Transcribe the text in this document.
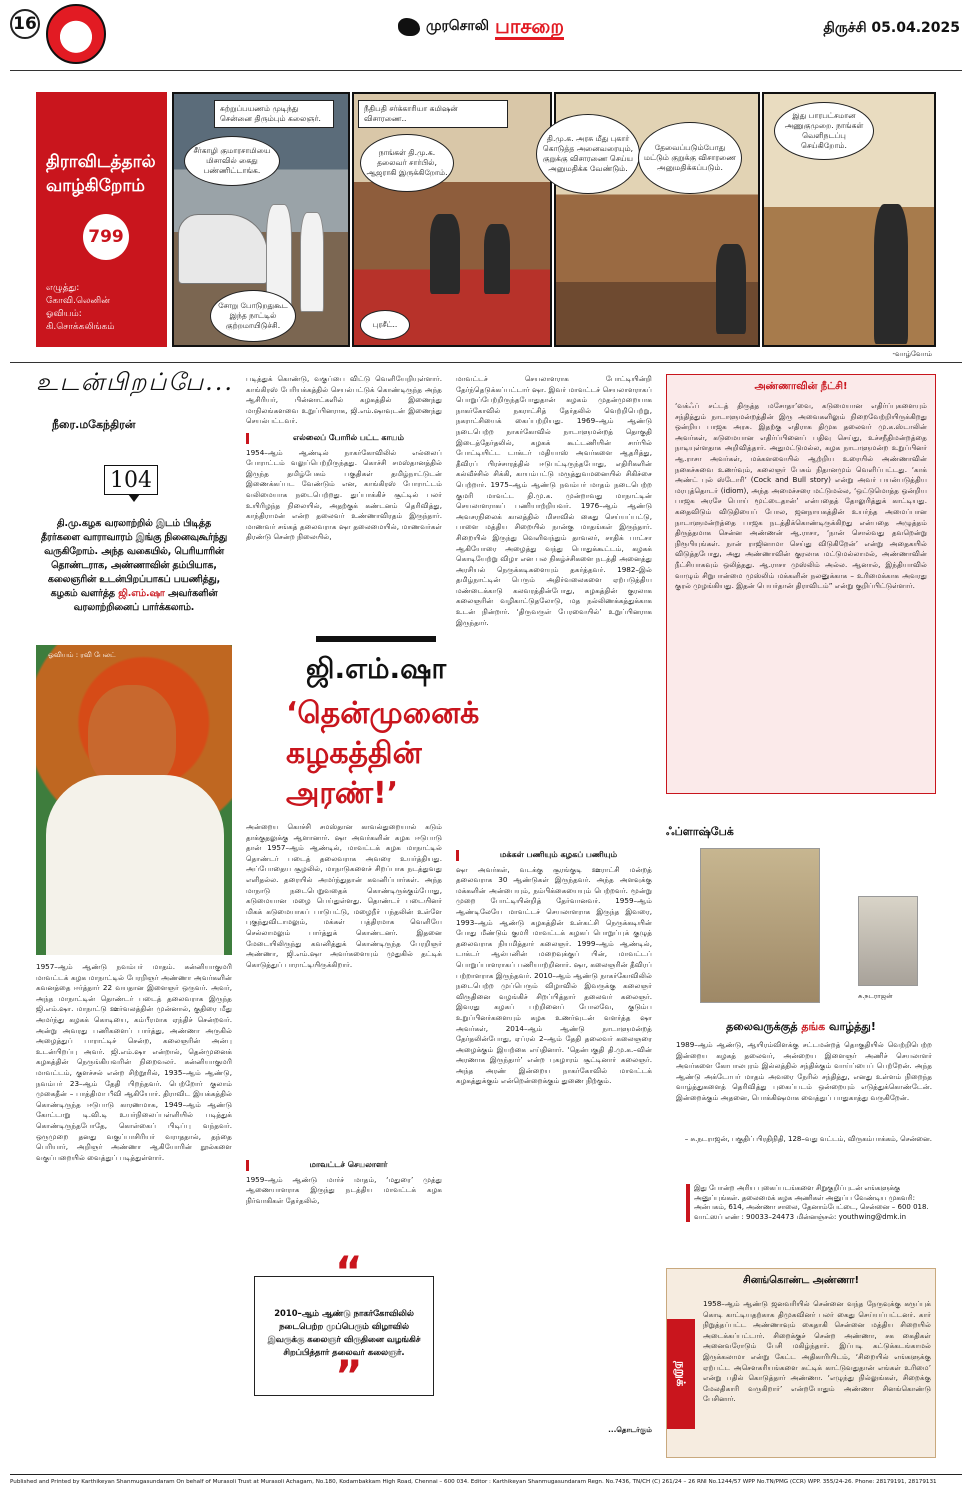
16	முரசொலி பாசறை	திருச்சி 05.04.2025
திராவிடத்தால் வாழ்கிறோம்
799
எழுத்து:
கோவி.லெனின்
ஓவியம்:
கி.சொக்கலிங்கம்
சுற்றுப்பயணம் முடிந்து சென்னை திரும்பும் கலைஞர்.
சீர்காழி குமாரசாமியை மிசாவில் கைது பண்ணிட்டாங்க.
சோறு போடுறதுகூட இந்த நாட்டில் குற்றமாயிடுச்சி.
நீதிபதி சர்க்காரியா கமிஷன் விசாரணை..
நாங்கள் தி.மு.க. தலைவர் சார்பில், ஆஜராகி இருக்கிறோம்.
புரசீட்..
தி.மு.க. அரசு மீது புகார் கொடுத்த அனைவரையும், குறுக்கு விசாரணை செய்ய அனுமதிக்க வேண்டும்.
தேவைப்படும்போது மட்டும் குறுக்கு விசாரணை அனுமதிக்கப்படும்.
இது பாரபட்சமான அணுகுமுறை. நாங்கள் வெளிநடப்பு செய்கிறோம்.
-வாழ்வோம்
உடன்பிறப்பே...
நீரை.மகேந்திரன்
104
தி.மு.கழக வரலாற்றில் இடம் பிடித்த தீரர்களை வாராவாரம் இங்கு நினைவுகூர்ந்து வருகிறோம். அந்த வகையில், பெரியாரின் தொண்டராக, அண்ணாவின் தம்பியாக, கலைஞரின் உடன்பிறப்பாகப் பயணித்து, கழகம் வளர்த்த ஜி.எம்.ஷா அவர்களின் வரலாற்றினைப் பார்க்கலாம்.
ஓவியம் : ரவி பேலட்
1957–ஆம் ஆண்டு நவம்பர் மாதம். கன்னியாகுமரி மாவட்டக் கழக மாநாட்டில் பேரறிஞர் அண்ணா அவர்களின் கவனத்தை ஈர்த்தார் 22 வயதான இளைஞர் ஒருவர். அவர், அந்த மாநாட்டின் தொண்டர் படைத் தலைவராக இருந்த ஜி.எம்.ஷா. மாநாட்டு ஊர்வலத்தின் முன்னால், குதிரை மீது அமர்ந்து கழகக் கொடியை, கம்பீரமாக ஏந்திச் சென்றவர். அன்று அவரது பணிகளைப் பார்த்து, அண்ணா அருகில் அழைத்துப் பாராட்டிச் சென்ற, கலைஞரின் அன்பு உடன்பிறப்பு அவர். ஜி.எம்.ஷா என்றால், தென்முனைக் கழகத்தின் நெருங்கியவரின் நிறைவலர். கன்னியாகுமரி மாவட்டம், குளச்சல் என்ற சிற்றூரில், 1935–ஆம் ஆண்டு, நவம்பர் 23–ஆம் தேதி பிறந்தவர். பெற்றோர் குலாம் முகைதீன் – பாத்திமா பீவி ஆகியோர். திராவிட இயக்கத்தில் கொண்டிருந்த ஈடுபாடு காரணமாக, 1949–ஆம் ஆண்டு கோட்டாறு டி.வி.டி உயர்நிலைப்பள்ளியில் படித்துக் கொண்டிருந்தபோதே, கொள்கைப் பிடிப்பு வந்தவர். ஒருமுறை தனது வகுப்பாசிரியர் வராததால், தந்தை பெரியார், அறிஞர் அண்ணா ஆகியோரின் நூல்களை வகுப்பறையில் வைத்துப் படித்துள்ளார்.

படித்துக் கொண்டு, வகுப்பை விட்டு வெளியேறியுள்ளார். காங்கிரஸ் பேரியக்கத்தில் செயல்பட்டுக் கொண்டிருந்த அந்த ஆசிரியர், பின்னாட்களில் கழகத்தில் இணைந்து மாநிலங்களவை உறுப்பினராக, ஜி.எம்.ஷாவுடன் இணைந்து செயல்பட்டவர்.

எல்லைப் போரில் பட்ட காயம்

1954–ஆம் ஆண்டில் நாகர்கோவிலில் எல்லைப் போராட்டம் வலுப்பெற்றிருந்தது. கொச்சி சமஸ்தானத்தில் இருந்த தமிழ்பேசும் பகுதிகள் தமிழ்நாட்டுடன் இணைக்கப்பட வேண்டும் என, காங்கிரஸ் போராட்டம் வலிமையாக நடைபெற்றது. துப்பாக்கிச் சூட்டில் பலர் உயிரிழந்த நிலையில், அதற்குக் கண்டனம் தெரிவித்து, காந்திராமன் என்ற தலைவர் உண்ணாவிரதம் இருந்தார். மாணவர் சங்கத் தலைவராக ஷா தலைமையில், மாணவர்கள் திரண்டு சென்ற நிலையில்,

ஜி.எம்.ஷா
‘தென்முனைக் கழகத்தின் அரண்!’

அன்றைய கொச்சி சமஸ்தான காவல்துறையால் கடும் தாக்குதலுக்கு ஆளானார். ஷா அவர்களின் கழக ஈடுபாடு தான் 1957–ஆம் ஆண்டில், மாவட்டக் கழக மாநாட்டில் தொண்டர் படைத் தலைவராக அவரை உயர்த்தியது. அப்போதைய சூழலில், மாநாடுகளைச் சிறப்பாக நடத்துவது எளிதல்ல. தரையில் அமர்ந்துதான் கவனிப்பார்கள். அந்த மாநாடு நடைபெறுவதைக் கொண்டிருக்கும்போது, கடுமையான மழை பெய்துள்ளது. தொண்டர் படையினர் மிகக் கடுமையாகப் பாடுபட்டு, மழைநீர் பந்தலின் உள்ளே புகுந்துவிடாமலும், மக்கள் பத்திரமாக வெளியே செல்லாமலும் பார்த்துக் கொண்டனர். இதனை மேடையிலிருந்து கவனித்துக் கொண்டிருந்த பேரறிஞர் அண்ணா, ஜி.எம்.ஷா அவர்களையும் முதுகில் தட்டிக் கொடுத்துப் பாராட்டியிருக்கிறார்.

மாவட்டச் செயலாளர்

1959–ஆம் ஆண்டு மார்ச் மாதம், ‘மதுரை’ முத்து ஆணையாளராக இருந்து நடத்திய மாவட்டக் கழக நிர்வாகிகள் தேர்தலில்,

“
2010–ஆம் ஆண்டு நாகர்கோவிலில் நடைபெற்ற முப்பெரும் விழாவில் இவருக்கு கலைஞர் விருதினை வழங்கிச் சிறப்பித்தார் தலைவர் கலைஞர்.
”

மாவட்டச் செயலாளராக போட்டியின்றி தேர்ந்தெடுக்கப்பட்டார் ஷா. இவர் மாவட்டச் செயலாளராகப் பொறுப்பேற்றிருந்தபோதுதான் கழகம் முதன்முறையாக நாகர்கோவில் நகராட்சித் தேர்தலில் வெற்றிபெற்று, நகராட்சியைக் கைப்பற்றியது. 1969–ஆம் ஆண்டு நடைபெற்ற நாகர்கோவில் நாடாளுமன்றத் தொகுதி இடைத்தேர்தலில், கழகக் கூட்டணியின் சார்பில் போட்டியிட்ட டாக்டர் மதியாஸ் அவர்களை ஆதரித்து, தீவிரப் பிரச்சாரத்தில் ஈடுபட்டிருந்தபோது, எதிரிகளின் கல்வீச்சில் சிக்கி, காயம்பட்டு மருத்துவமனையில் சிகிச்சை பெற்றார். 1975–ஆம் ஆண்டு நவம்பர் மாதம் நடைபெற்ற குமரி மாவட்ட தி.மு.க. முன்றாவது மாநாட்டின் செயலாளராகப் பணியாற்றியவர். 1976–ஆம் ஆண்டு அவசரநிலைக் காலத்தில் மிசாவில் கைது செய்யப்பட்டு, பாளை மத்திய சிறையில் நான்கு மாதங்கள் இருந்தார். சிறையில் இருந்து வெளிவந்தும் தாவலர், சாதிக் பாட்சா ஆகியோரை அழைத்து வந்து பொதுக்கூட்டம், கழகக் கொடியேற்று விழா என பல நிகழ்ச்சிகளை நடத்தி அனைத்து அரசியல் நெருக்கடிகளையும் தகர்த்தவர். 1982–இல் தமிழ்நாட்டின் பெரும் அதிர்வலைகளை ஏற்படுத்திய மண்டைக்காடு கலவரத்தின்போது, கழகத்தின் குரலாக கலைஞரின் வழிகாட்டுதலோடு, மத நல்லிணக்கத்துக்காக உடன் நின்றார். ‘திருவருள் பேரவையில்’ உறுப்பினராக இருந்தார்.

மக்கள் பணியும் கழகப் பணியும்

ஷா அவர்கள், வடக்கு சூரங்குடி ஊராட்சி மன்றத் தலைவராக 30 ஆண்டுகள் இருந்தவர். அந்த அளவுக்கு மக்களின் அன்பையும், நம்பிக்கையையும் பெற்றவர். மூன்று முறை போட்டியின்றித் தேர்வானவர். 1959–ஆம் ஆண்டிலேயே மாவட்டச் செயலாளராக இருந்த இவரை, 1993–ஆம் ஆண்டு கழகத்தின் உள்கட்சி நெருக்கடியின் போது மீண்டும் குமரி மாவட்டக் கழகப் பொறுப்புக் குழுத் தலைவராக நியமித்தார் கலைஞர். 1999–ஆம் ஆண்டில், டாக்டர் ஆல்பனின் மறைவுக்குப் பின், மாவட்டப் பொறுப்பாளராகப் பணியாற்றினார். ஷா, கலைஞரின் தீவிரப் பற்றாளராக இருந்தவர். 2010–ஆம் ஆண்டு நாகர்கோவிலில் நடைபெற்ற முப்பெரும் விழாவில் இவருக்கு கலைஞர் விருதினை வழங்கிச் சிறப்பித்தார் தலைவர் கலைஞர். இவரது கழகப் பற்றினைப் போலவே, குடும்ப உறுப்பினர்களையும் கழக உணர்வுடன் வளர்த்த ஷா அவர்கள், 2014–ஆம் ஆண்டு நாடாளுமன்றத் தேர்தலின்போது, ஏப்ரல் 2–ஆம் தேதி தலைவர் கலைஞரை அழைக்கும் இயற்கை எய்தினார். ‘தென்பகுதி தி.மு.க.–வின் அரணாக இருந்தார்’ என்ற புகழாரம் சூட்டினார் கலைஞர். அந்த அரண் இன்றைய நாகர்கோவில் மாவட்டக் கழகத்துக்கும் என்றென்றைக்கும் துணை நிற்கும்.

...தொடர்கும்
அண்ணாவின் நீட்சி!
‘வக்ஃப் சட்டத் திருத்த மசோதா’வை, கடுமையான எதிர்ப்புகளையும் சந்தித்தும் நாடாளுமன்றத்தின் இரு அவைகளிலும் நிறைவேற்றியிருக்கிறது ஒன்றிய பாஜக அரசு. இதற்கு எதிராக திமுக தலைவர் மு.க.ஸ்டாலின் அவர்கள், கடுமையான எதிர்ப்பினைப் பதிவு செய்து, உச்சநீதிமன்றத்தை நாடியுள்ளதாக அறிவித்தார். அதுமட்டுமல்ல, கழக நாடாளுமன்ற உறுப்பினர் ஆ.ராசா அவர்கள், மக்களவையில் ஆற்றிய உரையில் அண்ணாவின் நகைச்சுவை உணர்வும், கலைஞர் பேசும் நிதானமும் வெளிப்பட்டது. ‘காக் அண்ட் புல் ஸ்டோரி’ (Cock and Bull story) என்று அவர் பயன்படுத்திய மரபுத்தொடர் (idiom), அந்த அமைச்சரை மட்டுமல்ல, ‘ஒட்டுமொத்த ஒன்றிய பாஜக அரசே பொய் மூட்டைதான்’ என்பதைத் தோலுரித்துக் காட்டியது. கதைவிடும் விடுதியைப் போல, ஜனநாயகத்தின் உயர்ந்த அமைப்பான நாடாளுமன்றத்தை பாஜக நடத்திக்கொண்டிருக்கிறது என்பதை அழுத்தம் திருத்தமாக சென்ன அண்ணன் ஆ.ராசா, ‘நான் சொல்வது தவறென்று நிரூபியுங்கள். நான் ராஜினாமா செய்து விடுகிறேன்’ என்று அதைகயில் விடுத்தபோது, அது அண்ணாவின் குரலாக மட்டுமல்லாமல், அண்ணாவின் நீட்சியாகவும் ஒலித்தது. ஆ.ராசா முஸ்லிம் அல்ல. ஆனால், இந்தியாவில் வாழும் சிறுபான்மை முஸ்லிம் மக்களின் நலனுக்காக – உரிமைக்காக அவரது குரல் முழங்கியது. இதன் பெயர்தான் திராவிடம்” என்று குறிப்பிட்டுள்ளார்.
ஃப்ளாஷ்பேக்
சு.நடராஜன்
தலைவருக்குத் தங்க வாழ்த்து!
1989–ஆம் ஆண்டு, ஆயிரம்விளக்கு சட்டமன்றத் தொகுதியில் வெற்றிபெற்ற இன்றைய கழகத் தலைவர், அன்றைய இளைஞர் அணிச் செயலாளர் அவர்களை கோபாலபுரம் இல்லத்தில் சந்திக்கும் வாய்ப்பைப் பெற்றேன். அந்த ஆண்டு அக்டோபர் மாதம் அவரை நேரில் சந்தித்து, எனது உள்ளம் நிறைந்த வாழ்த்துகளைத் தெரிவித்து புகைப்படம் ஒன்றையும் எடுத்துக்கொண்டேன். இன்றைக்கும் அதனை, பொக்கிஷமாக வைத்துப் பாதுகாத்து வருகிறேன்.
– சு.நடராஜன், பகுதிப் பிரதிநிதி, 128–வது வட்டம், விருகம்பாக்கம், சென்னை.
இது போன்ற அரிய புகைப்படங்களை சிறுகுறிப்புடன் எங்களுக்கு அனுப்புங்கள். தலைமைக் கழக அணிகள் அனுப்ப வேண்டிய முகவரி: அன்பகம், 614, அண்ணா சாலை, தேனாம்பேட்டை, சென்னை – 600 018. வாட்ஸப் எண் : 90033–24473 மின்னஞ்சல்: youthwing@dmk.in
சினங்கொண்ட அண்ணா!
நறுக்
1958–ஆம் ஆண்டு ஜனவரியில் சென்னை வந்த நேருவுக்கு கருப்புக் கொடி காட்டியதற்காக திமுகவினர் பலர் கைது செய்யப்பட்டனர். கார் நிறுத்தப்பட்ட அண்ணாவும் கைதாகி சென்னை மத்திய சிறையில் அடைக்கப்பட்டார். சிறைக்குச் சென்ற அண்ணா, சக கைதிகள் அனைவரோடும் பேசி மகிழ்ந்தார். இப்படி கட்டுக்கடங்காமல் இருக்கலாமா என்று கேட்ட அதிகாரியிடம், ‘சிறையில் எங்களுக்கு ஏற்பட்ட அசௌகரியங்களை சுட்டிக் காட்டுவதுதான் எங்கள் உரிமை’ என்று பதில் கொடுத்தார் அண்ணா. ‘எழுந்து நில்லுங்கள், சிறைக்கு மேலதிகாரி வருகிறார்’ என்றபோதும் அண்ணா சினங்கொண்டு பேசினார்.
Published and Printed by Karthikeyan Shanmugasundaram On behalf of Murasoli Trust at Murasoli Achagam, No.180, Kodambakkam High Road, Chennai – 600 034. Editor : Karthikeyan Shanmugasundaram Regn. No.7436, TN/CH (C) 261/24 – 26 RNI No.1244/57 WPP No.TN/PMG (CCR) WPP. 355/24-26. Phone: 28179191, 28179131
